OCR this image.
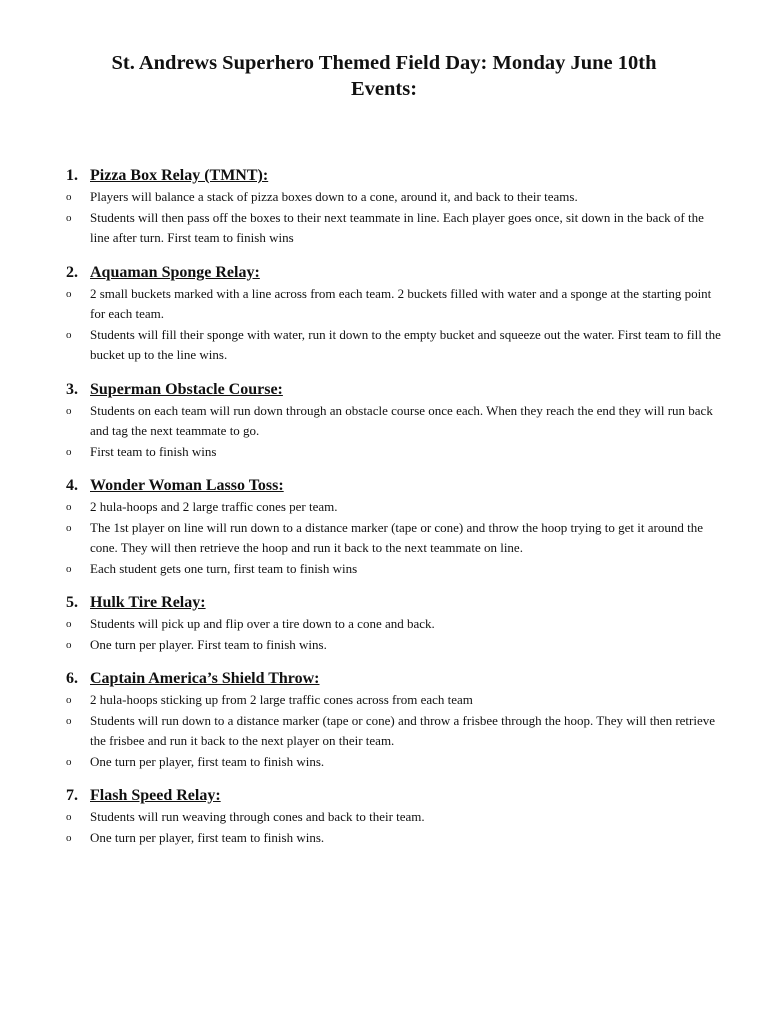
St. Andrews Superhero Themed Field Day: Monday June 10th
Events:
1. Pizza Box Relay (TMNT):
o	Players will balance a stack of pizza boxes down to a cone, around it, and back to their teams.
o	Students will then pass off the boxes to their next teammate in line. Each player goes once, sit down in the back of the line after turn. First team to finish wins
2. Aquaman Sponge Relay:
o	2 small buckets marked with a line across from each team. 2 buckets filled with water and a sponge at the starting point for each team.
o	Students will fill their sponge with water, run it down to the empty bucket and squeeze out the water. First team to fill the bucket up to the line wins.
3. Superman Obstacle Course:
o	Students on each team will run down through an obstacle course once each. When they reach the end they will run back and tag the next teammate to go.
o	First team to finish wins
4. Wonder Woman Lasso Toss:
o	2 hula-hoops and 2 large traffic cones per team.
o	The 1st player on line will run down to a distance marker (tape or cone) and throw the hoop trying to get it around the cone. They will then retrieve the hoop and run it back to the next teammate on line.
o	Each student gets one turn, first team to finish wins
5. Hulk Tire Relay:
o	Students will pick up and flip over a tire down to a cone and back.
o	One turn per player. First team to finish wins.
6. Captain America’s Shield Throw:
o	2 hula-hoops sticking up from 2 large traffic cones across from each team
o	Students will run down to a distance marker (tape or cone) and throw a frisbee through the hoop. They will then retrieve the frisbee and run it back to the next player on their team.
o	One turn per player, first team to finish wins.
7. Flash Speed Relay:
o	Students will run weaving through cones and back to their team.
o	One turn per player, first team to finish wins.
